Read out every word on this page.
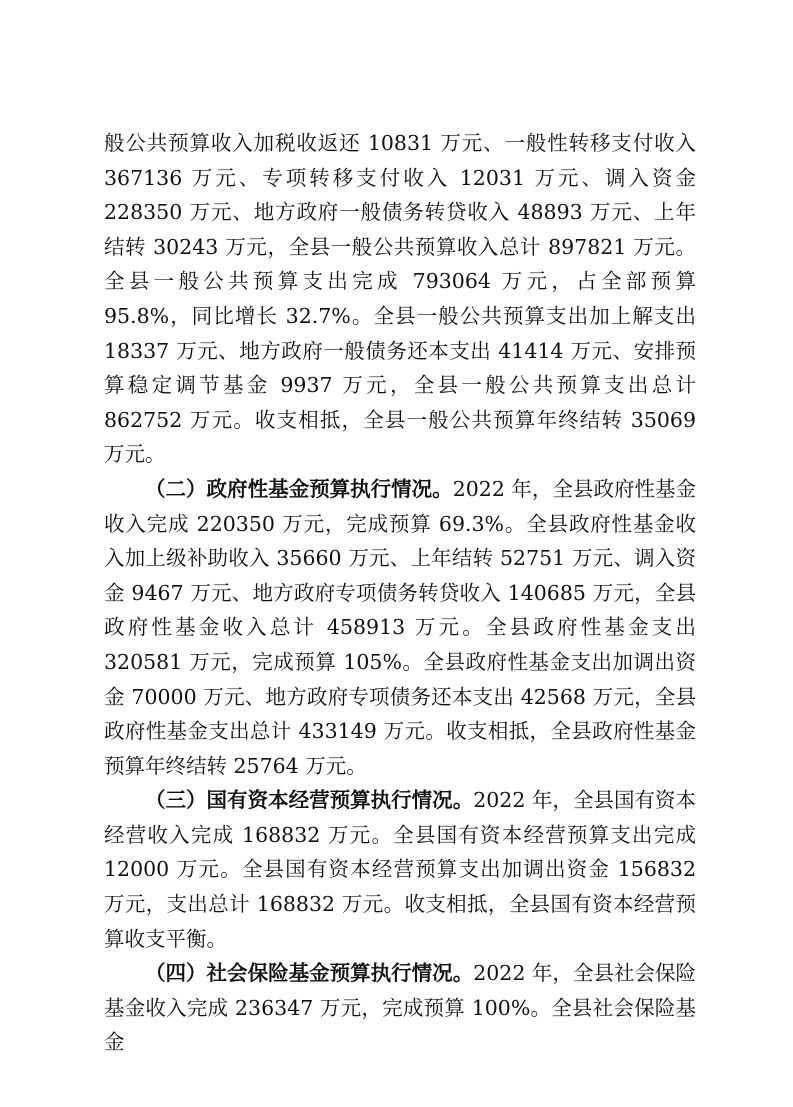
般公共预算收入加税收返还 10831 万元、一般性转移支付收入 367136 万元、专项转移支付收入 12031 万元、调入资金 228350 万元、地方政府一般债务转贷收入 48893 万元、上年结转 30243 万元，全县一般公共预算收入总计 897821 万元。全县一般公共预算支出完成 793064 万元，占全部预算 95.8%，同比增长 32.7%。全县一般公共预算支出加上解支出 18337 万元、地方政府一般债务还本支出 41414 万元、安排预算稳定调节基金 9937 万元，全县一般公共预算支出总计 862752 万元。收支相抵，全县一般公共预算年终结转 35069 万元。

（二）政府性基金预算执行情况。2022 年，全县政府性基金收入完成 220350 万元，完成预算 69.3%。全县政府性基金收入加上级补助收入 35660 万元、上年结转 52751 万元、调入资金 9467 万元、地方政府专项债务转贷收入 140685 万元，全县政府性基金收入总计 458913 万元。全县政府性基金支出 320581 万元，完成预算 105%。全县政府性基金支出加调出资金 70000 万元、地方政府专项债务还本支出 42568 万元，全县政府性基金支出总计 433149 万元。收支相抵，全县政府性基金预算年终结转 25764 万元。

（三）国有资本经营预算执行情况。2022 年，全县国有资本经营收入完成 168832 万元。全县国有资本经营预算支出完成 12000 万元。全县国有资本经营预算支出加调出资金 156832 万元，支出总计 168832 万元。收支相抵，全县国有资本经营预算收支平衡。

（四）社会保险基金预算执行情况。2022 年，全县社会保险基金收入完成 236347 万元，完成预算 100%。全县社会保险基金
